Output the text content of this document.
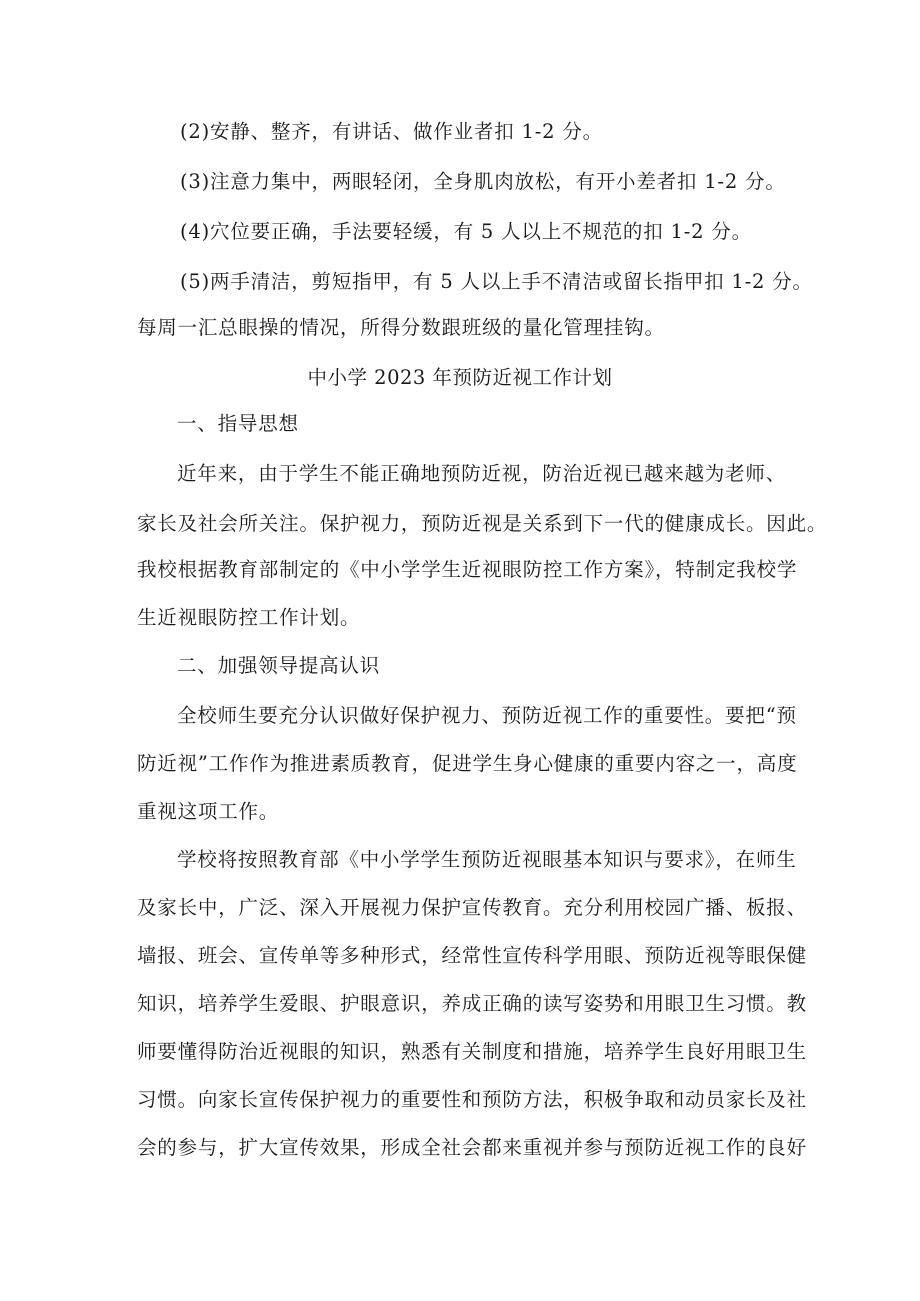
(2)安静、整齐，有讲话、做作业者扣 1-2 分。
(3)注意力集中，两眼轻闭，全身肌肉放松，有开小差者扣 1-2 分。
(4)穴位要正确，手法要轻缓，有 5 人以上不规范的扣 1-2 分。
(5)两手清洁，剪短指甲，有 5 人以上手不清洁或留长指甲扣 1-2 分。
每周一汇总眼操的情况，所得分数跟班级的量化管理挂钩。
中小学 2023 年预防近视工作计划
一、指导思想
近年来，由于学生不能正确地预防近视，防治近视已越来越为老师、
家长及社会所关注。保护视力，预防近视是关系到下一代的健康成长。因此。
我校根据教育部制定的《中小学学生近视眼防控工作方案》，特制定我校学
生近视眼防控工作计划。
二、加强领导提高认识
全校师生要充分认识做好保护视力、预防近视工作的重要性。要把“预
防近视”工作作为推进素质教育，促进学生身心健康的重要内容之一，高度
重视这项工作。
学校将按照教育部《中小学学生预防近视眼基本知识与要求》，在师生
及家长中，广泛、深入开展视力保护宣传教育。充分利用校园广播、板报、
墙报、班会、宣传单等多种形式，经常性宣传科学用眼、预防近视等眼保健
知识，培养学生爱眼、护眼意识，养成正确的读写姿势和用眼卫生习惯。教
师要懂得防治近视眼的知识，熟悉有关制度和措施，培养学生良好用眼卫生
习惯。向家长宣传保护视力的重要性和预防方法，积极争取和动员家长及社
会的参与，扩大宣传效果，形成全社会都来重视并参与预防近视工作的良好
